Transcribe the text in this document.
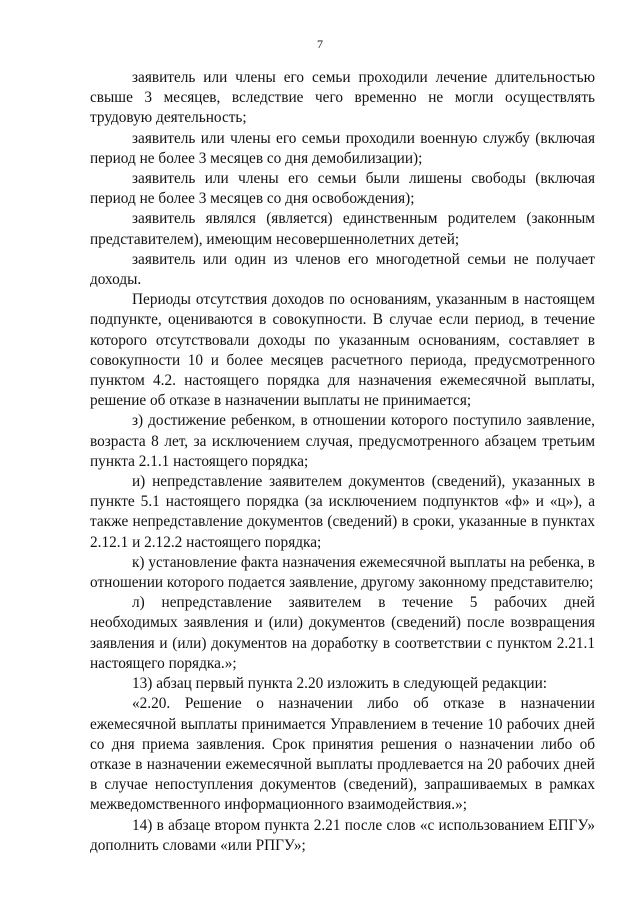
7

заявитель или члены его семьи проходили лечение длительностью свыше 3 месяцев, вследствие чего временно не могли осуществлять трудовую деятельность;

заявитель или члены его семьи проходили военную службу (включая период не более 3 месяцев со дня демобилизации);

заявитель или члены его семьи были лишены свободы (включая период не более 3 месяцев со дня освобождения);

заявитель являлся (является) единственным родителем (законным представителем), имеющим несовершеннолетних детей;

заявитель или один из членов его многодетной семьи не получает доходы.

Периоды отсутствия доходов по основаниям, указанным в настоящем подпункте, оцениваются в совокупности. В случае если период, в течение которого отсутствовали доходы по указанным основаниям, составляет в совокупности 10 и более месяцев расчетного периода, предусмотренного пунктом 4.2. настоящего порядка для назначения ежемесячной выплаты, решение об отказе в назначении выплаты не принимается;

з) достижение ребенком, в отношении которого поступило заявление, возраста 8 лет, за исключением случая, предусмотренного абзацем третьим пункта 2.1.1 настоящего порядка;

и) непредставление заявителем документов (сведений), указанных в пункте 5.1 настоящего порядка (за исключением подпунктов «ф» и «ц»), а также непредставление документов (сведений) в сроки, указанные в пунктах 2.12.1 и 2.12.2 настоящего порядка;

к) установление факта назначения ежемесячной выплаты на ребенка, в отношении которого подается заявление, другому законному представителю;

л) непредставление заявителем в течение 5 рабочих дней необходимых заявления и (или) документов (сведений) после возвращения заявления и (или) документов на доработку в соответствии с пунктом 2.21.1 настоящего порядка.»;

13) абзац первый пункта 2.20 изложить в следующей редакции:

«2.20. Решение о назначении либо об отказе в назначении ежемесячной выплаты принимается Управлением в течение 10 рабочих дней со дня приема заявления. Срок принятия решения о назначении либо об отказе в назначении ежемесячной выплаты продлевается на 20 рабочих дней в случае непоступления документов (сведений), запрашиваемых в рамках межведомственного информационного взаимодействия.»;

14) в абзаце втором пункта 2.21 после слов «с использованием ЕПГУ» дополнить словами «или РПГУ»;
